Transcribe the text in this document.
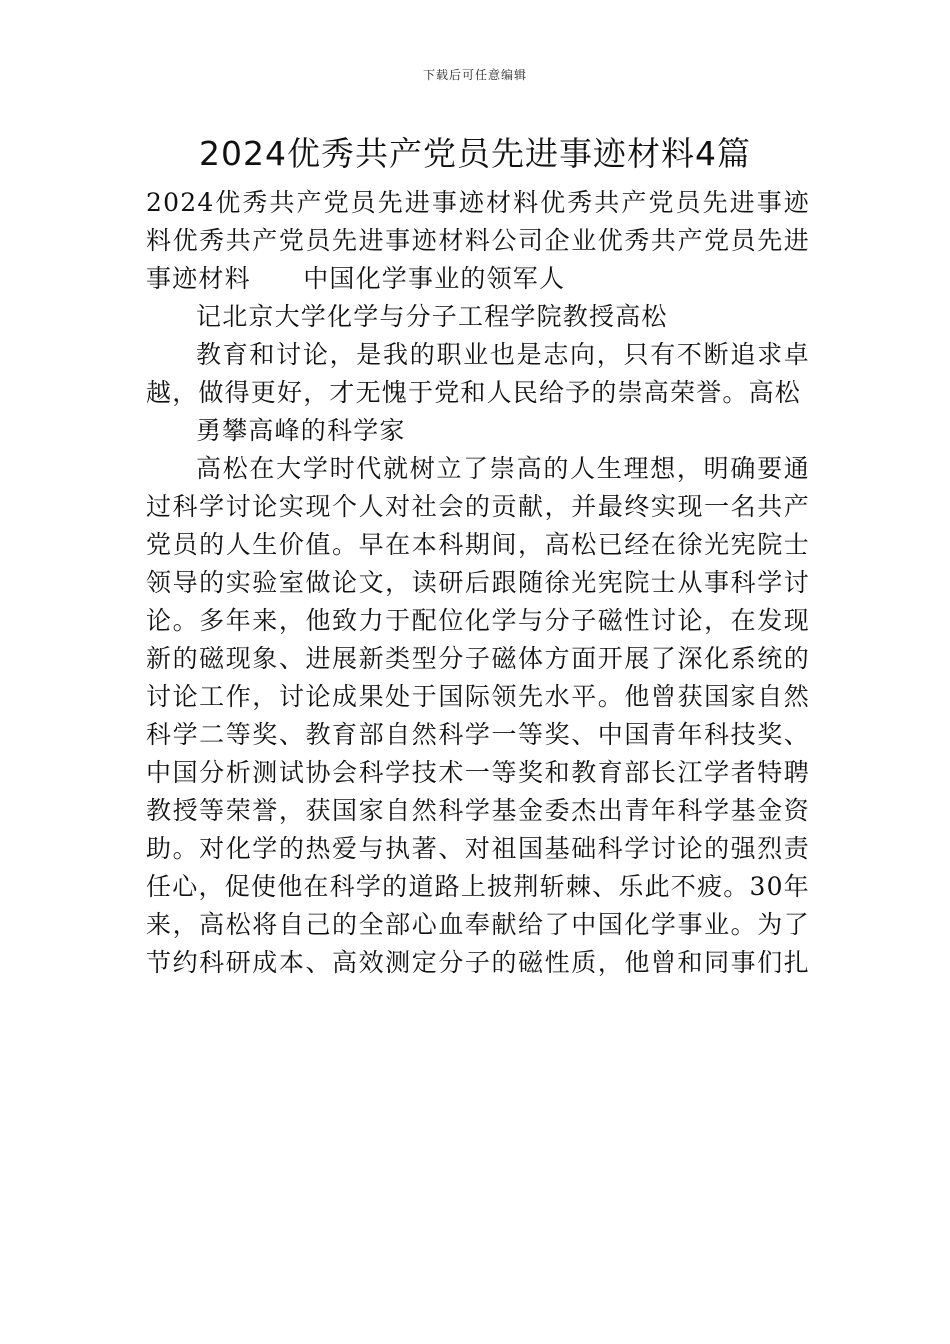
下载后可任意编辑
2024优秀共产党员先进事迹材料4篇
2024优秀共产党员先进事迹材料优秀共产党员先进事迹
料优秀共产党员先进事迹材料公司企业优秀共产党员先进
事迹材料　　中国化学事业的领军人
记北京大学化学与分子工程学院教授高松
教育和讨论，是我的职业也是志向，只有不断追求卓
越，做得更好，才无愧于党和人民给予的崇高荣誉。高松
勇攀高峰的科学家
高松在大学时代就树立了崇高的人生理想，明确要通
过科学讨论实现个人对社会的贡献，并最终实现一名共产
党员的人生价值。早在本科期间，高松已经在徐光宪院士
领导的实验室做论文，读研后跟随徐光宪院士从事科学讨
论。多年来，他致力于配位化学与分子磁性讨论，在发现
新的磁现象、进展新类型分子磁体方面开展了深化系统的
讨论工作，讨论成果处于国际领先水平。他曾获国家自然
科学二等奖、教育部自然科学一等奖、中国青年科技奖、
中国分析测试协会科学技术一等奖和教育部长江学者特聘
教授等荣誉，获国家自然科学基金委杰出青年科学基金资
助。对化学的热爱与执著、对祖国基础科学讨论的强烈责
任心，促使他在科学的道路上披荆斩棘、乐此不疲。30年
来，高松将自己的全部心血奉献给了中国化学事业。为了
节约科研成本、高效测定分子的磁性质，他曾和同事们扎
